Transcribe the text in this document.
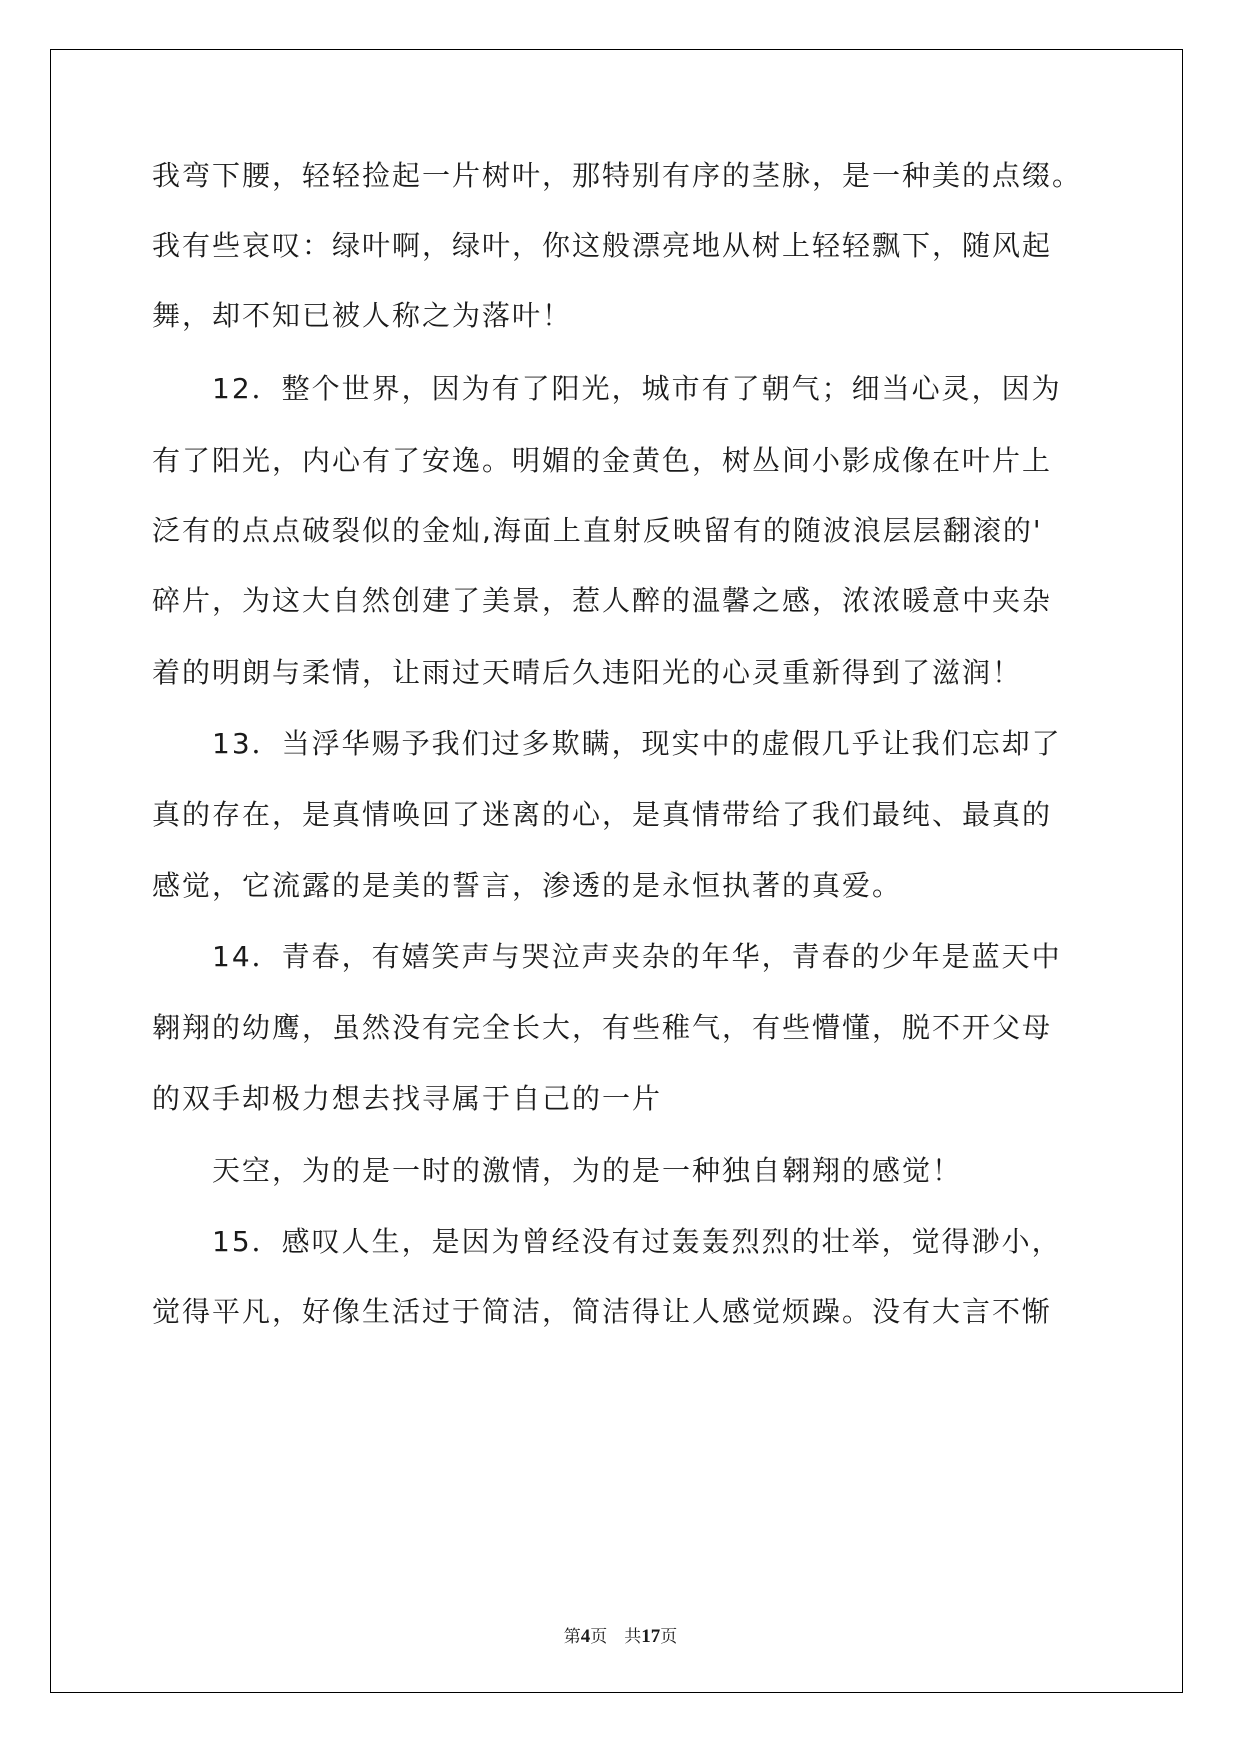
我弯下腰，轻轻捡起一片树叶，那特别有序的茎脉，是一种美的点缀。
我有些哀叹：绿叶啊，绿叶，你这般漂亮地从树上轻轻飘下，随风起
舞，却不知已被人称之为落叶！
12．整个世界，因为有了阳光，城市有了朝气；细当心灵，因为
有了阳光，内心有了安逸。明媚的金黄色，树丛间小影成像在叶片上
泛有的点点破裂似的金灿,海面上直射反映留有的随波浪层层翻滚的'
碎片，为这大自然创建了美景，惹人醉的温馨之感，浓浓暖意中夹杂
着的明朗与柔情，让雨过天晴后久违阳光的心灵重新得到了滋润！
13．当浮华赐予我们过多欺瞒，现实中的虚假几乎让我们忘却了
真的存在，是真情唤回了迷离的心，是真情带给了我们最纯、最真的
感觉，它流露的是美的誓言，渗透的是永恒执著的真爱。
14．青春，有嬉笑声与哭泣声夹杂的年华，青春的少年是蓝天中
翱翔的幼鹰，虽然没有完全长大，有些稚气，有些懵懂，脱不开父母
的双手却极力想去找寻属于自己的一片
天空，为的是一时的激情，为的是一种独自翱翔的感觉！
15．感叹人生，是因为曾经没有过轰轰烈烈的壮举，觉得渺小，
觉得平凡，好像生活过于简洁，简洁得让人感觉烦躁。没有大言不惭
第4页　共17页
